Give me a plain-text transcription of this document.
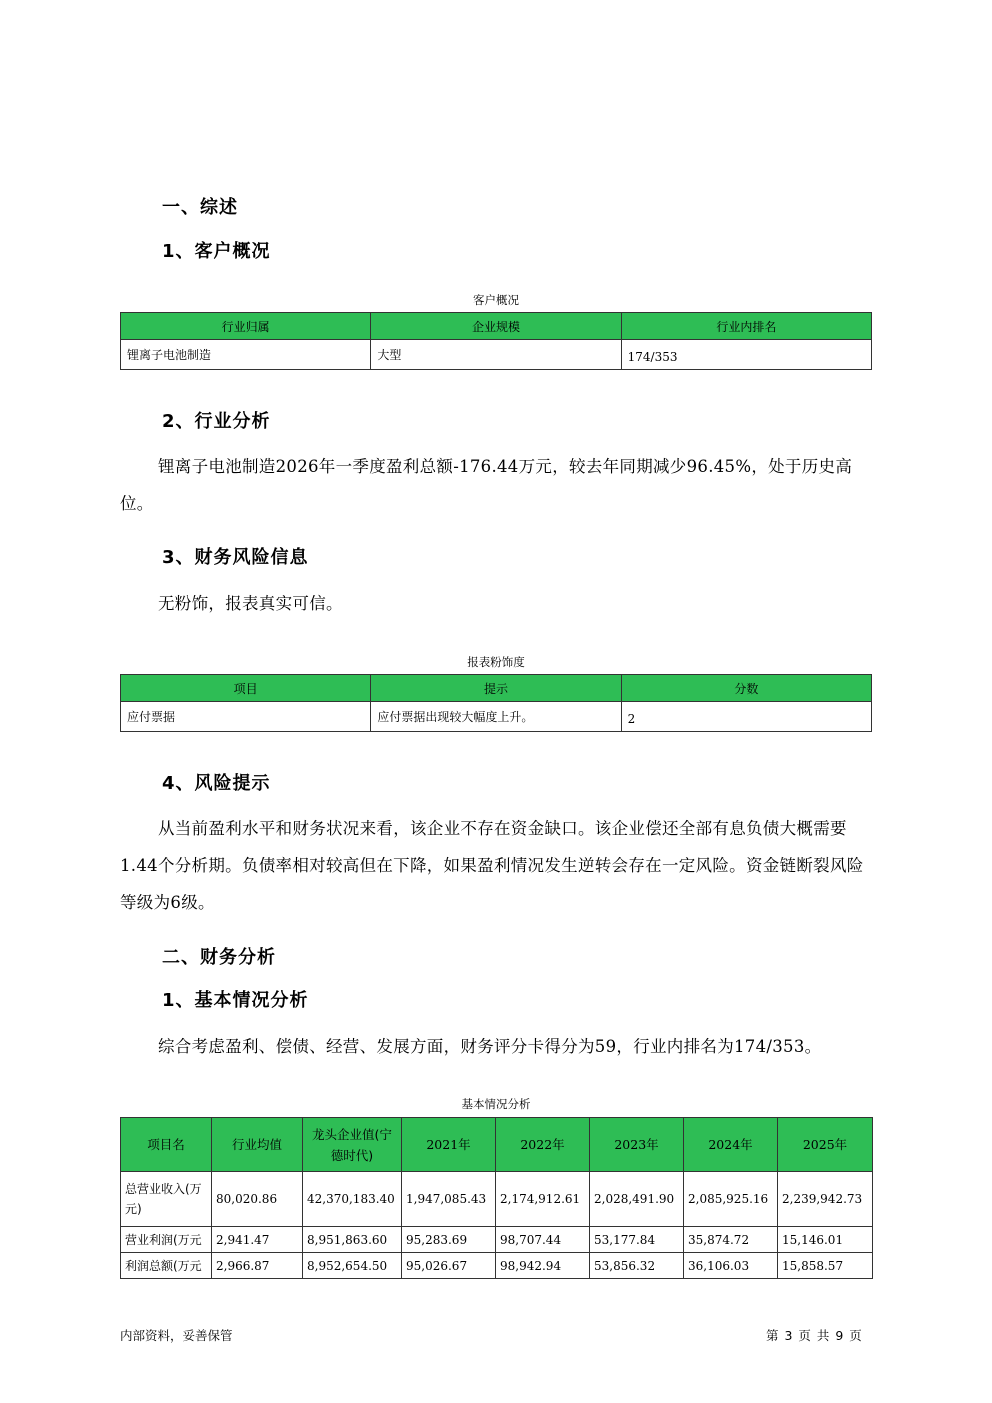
一、综述
1、客户概况
客户概况
行业归属	企业规模	行业内排名
锂离子电池制造	大型	174/353
2、行业分析
锂离子电池制造2026年一季度盈利总额-176.44万元，较去年同期减少96.45%，处于历史高位。
3、财务风险信息
无粉饰，报表真实可信。
报表粉饰度
项目	提示	分数
应付票据	应付票据出现较大幅度上升。	2
4、风险提示
从当前盈利水平和财务状况来看，该企业不存在资金缺口。该企业偿还全部有息负债大概需要 1.44个分析期。负债率相对较高但在下降，如果盈利情况发生逆转会存在一定风险。资金链断裂风险等级为6级。
二、财务分析
1、基本情况分析
综合考虑盈利、偿债、经营、发展方面，财务评分卡得分为59，行业内排名为174/353。
基本情况分析
项目名	行业均值	龙头企业值(宁德时代)	2021年	2022年	2023年	2024年	2025年
总营业收入(万元)	80,020.86	42,370,183.40	1,947,085.43	2,174,912.61	2,028,491.90	2,085,925.16	2,239,942.73
营业利润(万元	2,941.47	8,951,863.60	95,283.69	98,707.44	53,177.84	35,874.72	15,146.01
利润总额(万元	2,966.87	8,952,654.50	95,026.67	98,942.94	53,856.32	36,106.03	15,858.57
内部资料，妥善保管	第 3 页 共 9 页
